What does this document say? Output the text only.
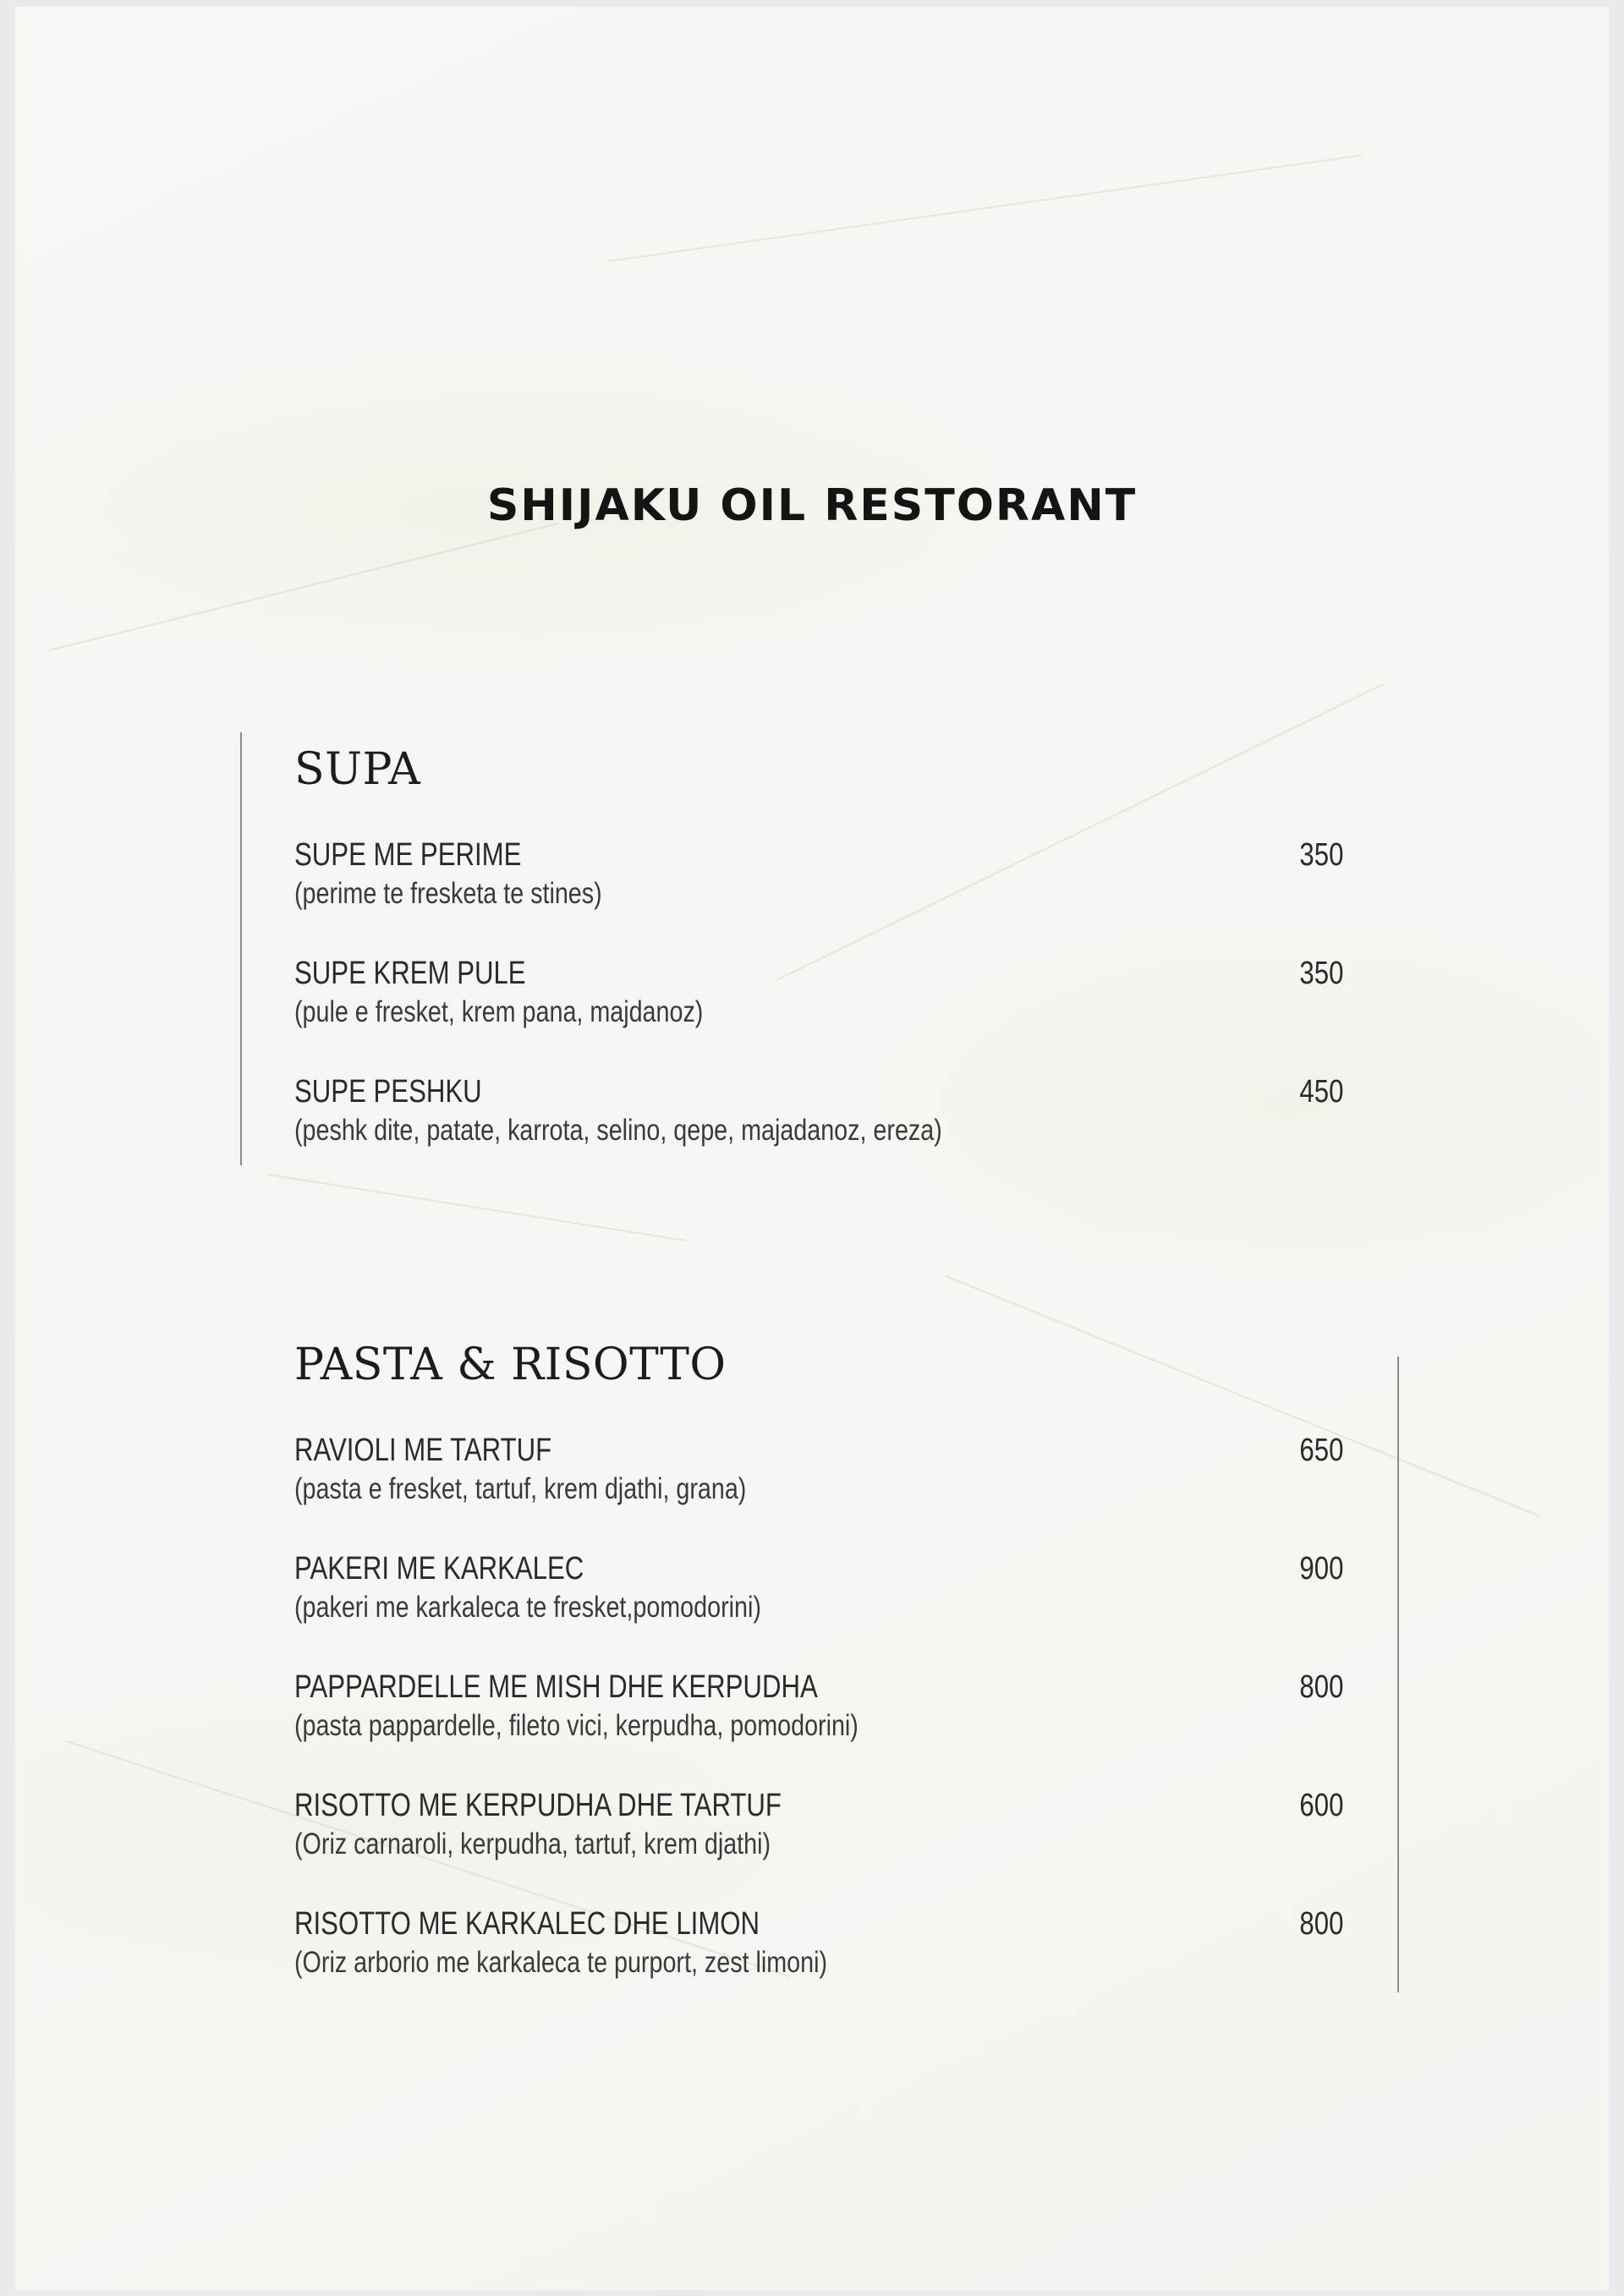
SHIJAKU OIL RESTORANT
SUPA
SUPE ME PERIME
(perime te fresketa te stines)
350
SUPE KREM PULE
(pule e fresket, krem pana, majdanoz)
350
SUPE PESHKU
(peshk dite, patate, karrota, selino, qepe, majadanoz, ereza)
450
PASTA & RISOTTO
RAVIOLI ME TARTUF
(pasta e fresket, tartuf, krem djathi, grana)
650
PAKERI ME KARKALEC
(pakeri me karkaleca te fresket,pomodorini)
900
PAPPARDELLE ME MISH DHE KERPUDHA
(pasta pappardelle, fileto vici, kerpudha, pomodorini)
800
RISOTTO ME KERPUDHA DHE TARTUF
(Oriz carnaroli, kerpudha, tartuf, krem djathi)
600
RISOTTO ME KARKALEC DHE LIMON
(Oriz arborio me karkaleca te purport, zest limoni)
800
